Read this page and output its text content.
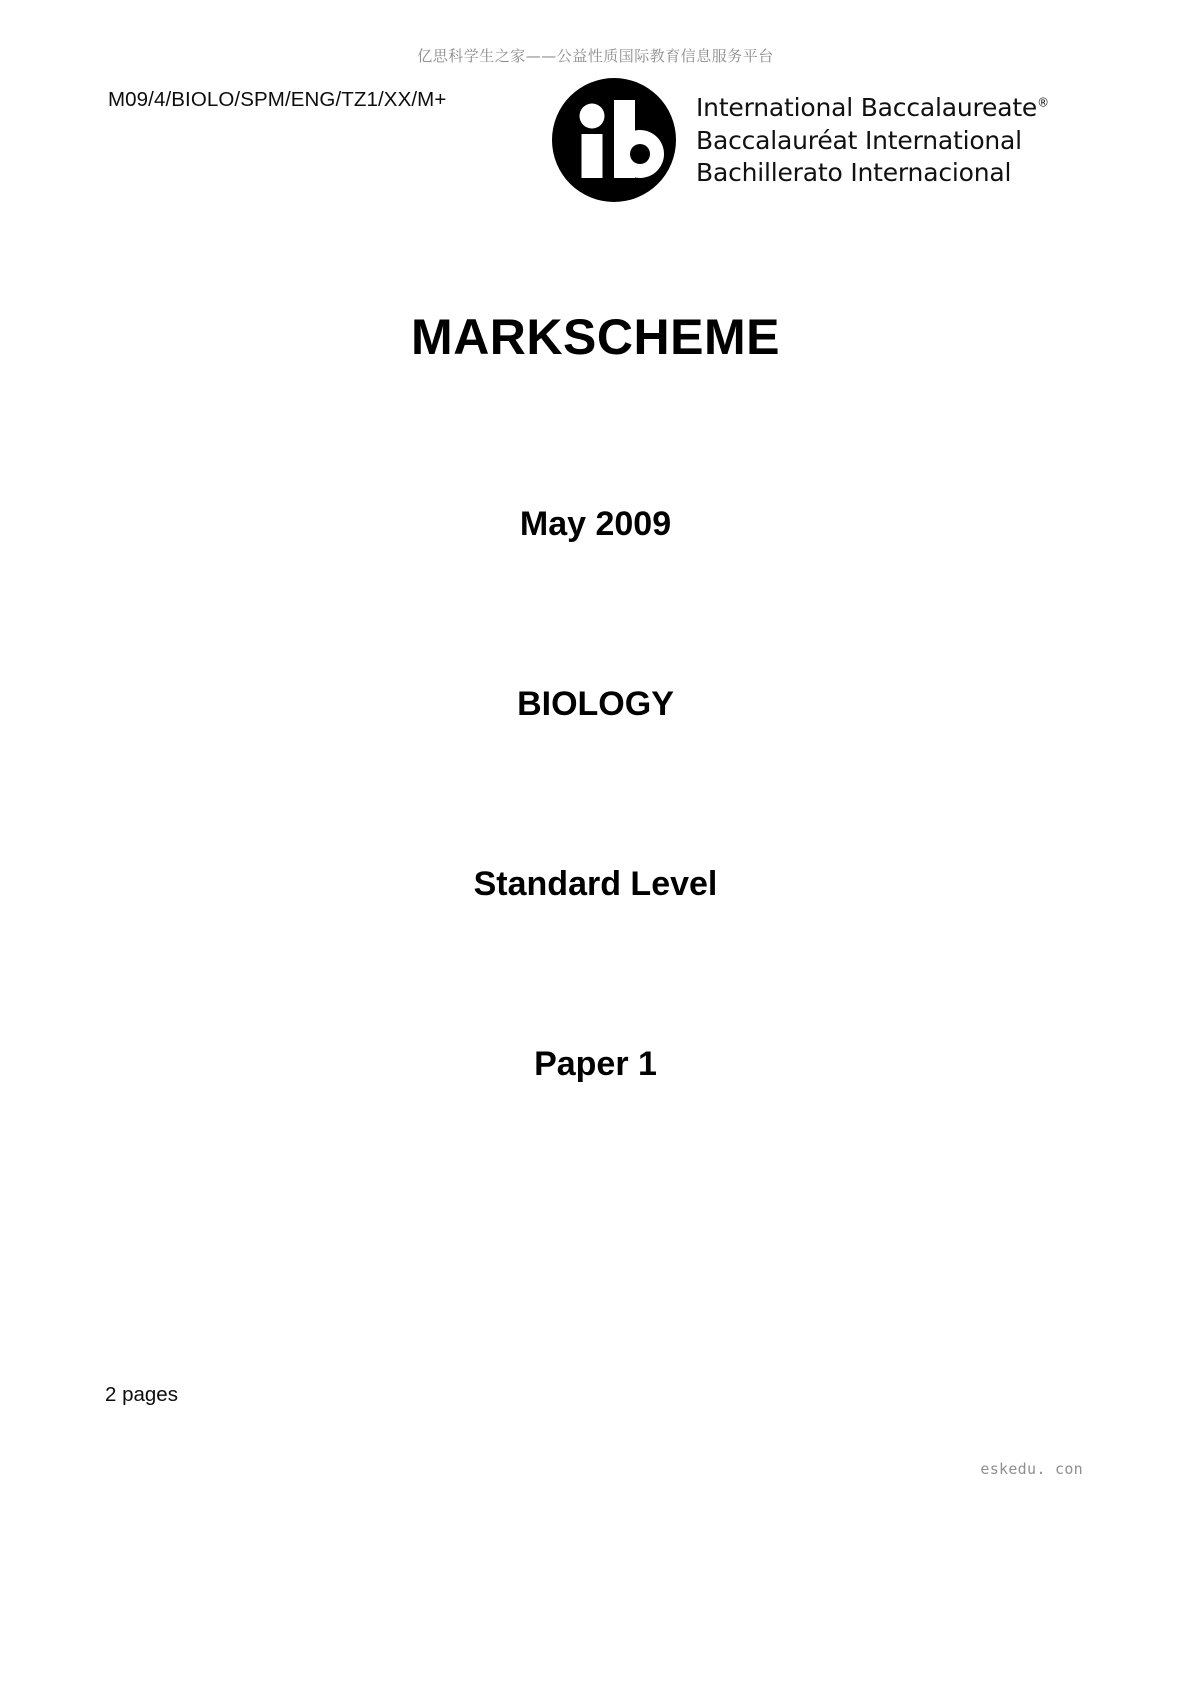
亿思科学生之家——公益性质国际教育信息服务平台
M09/4/BIOLO/SPM/ENG/TZ1/XX/M+	International Baccalaureate®
Baccalauréat International
Bachillerato Internacional
MARKSCHEME
May 2009
BIOLOGY
Standard Level
Paper 1
2 pages
eskedu. con
